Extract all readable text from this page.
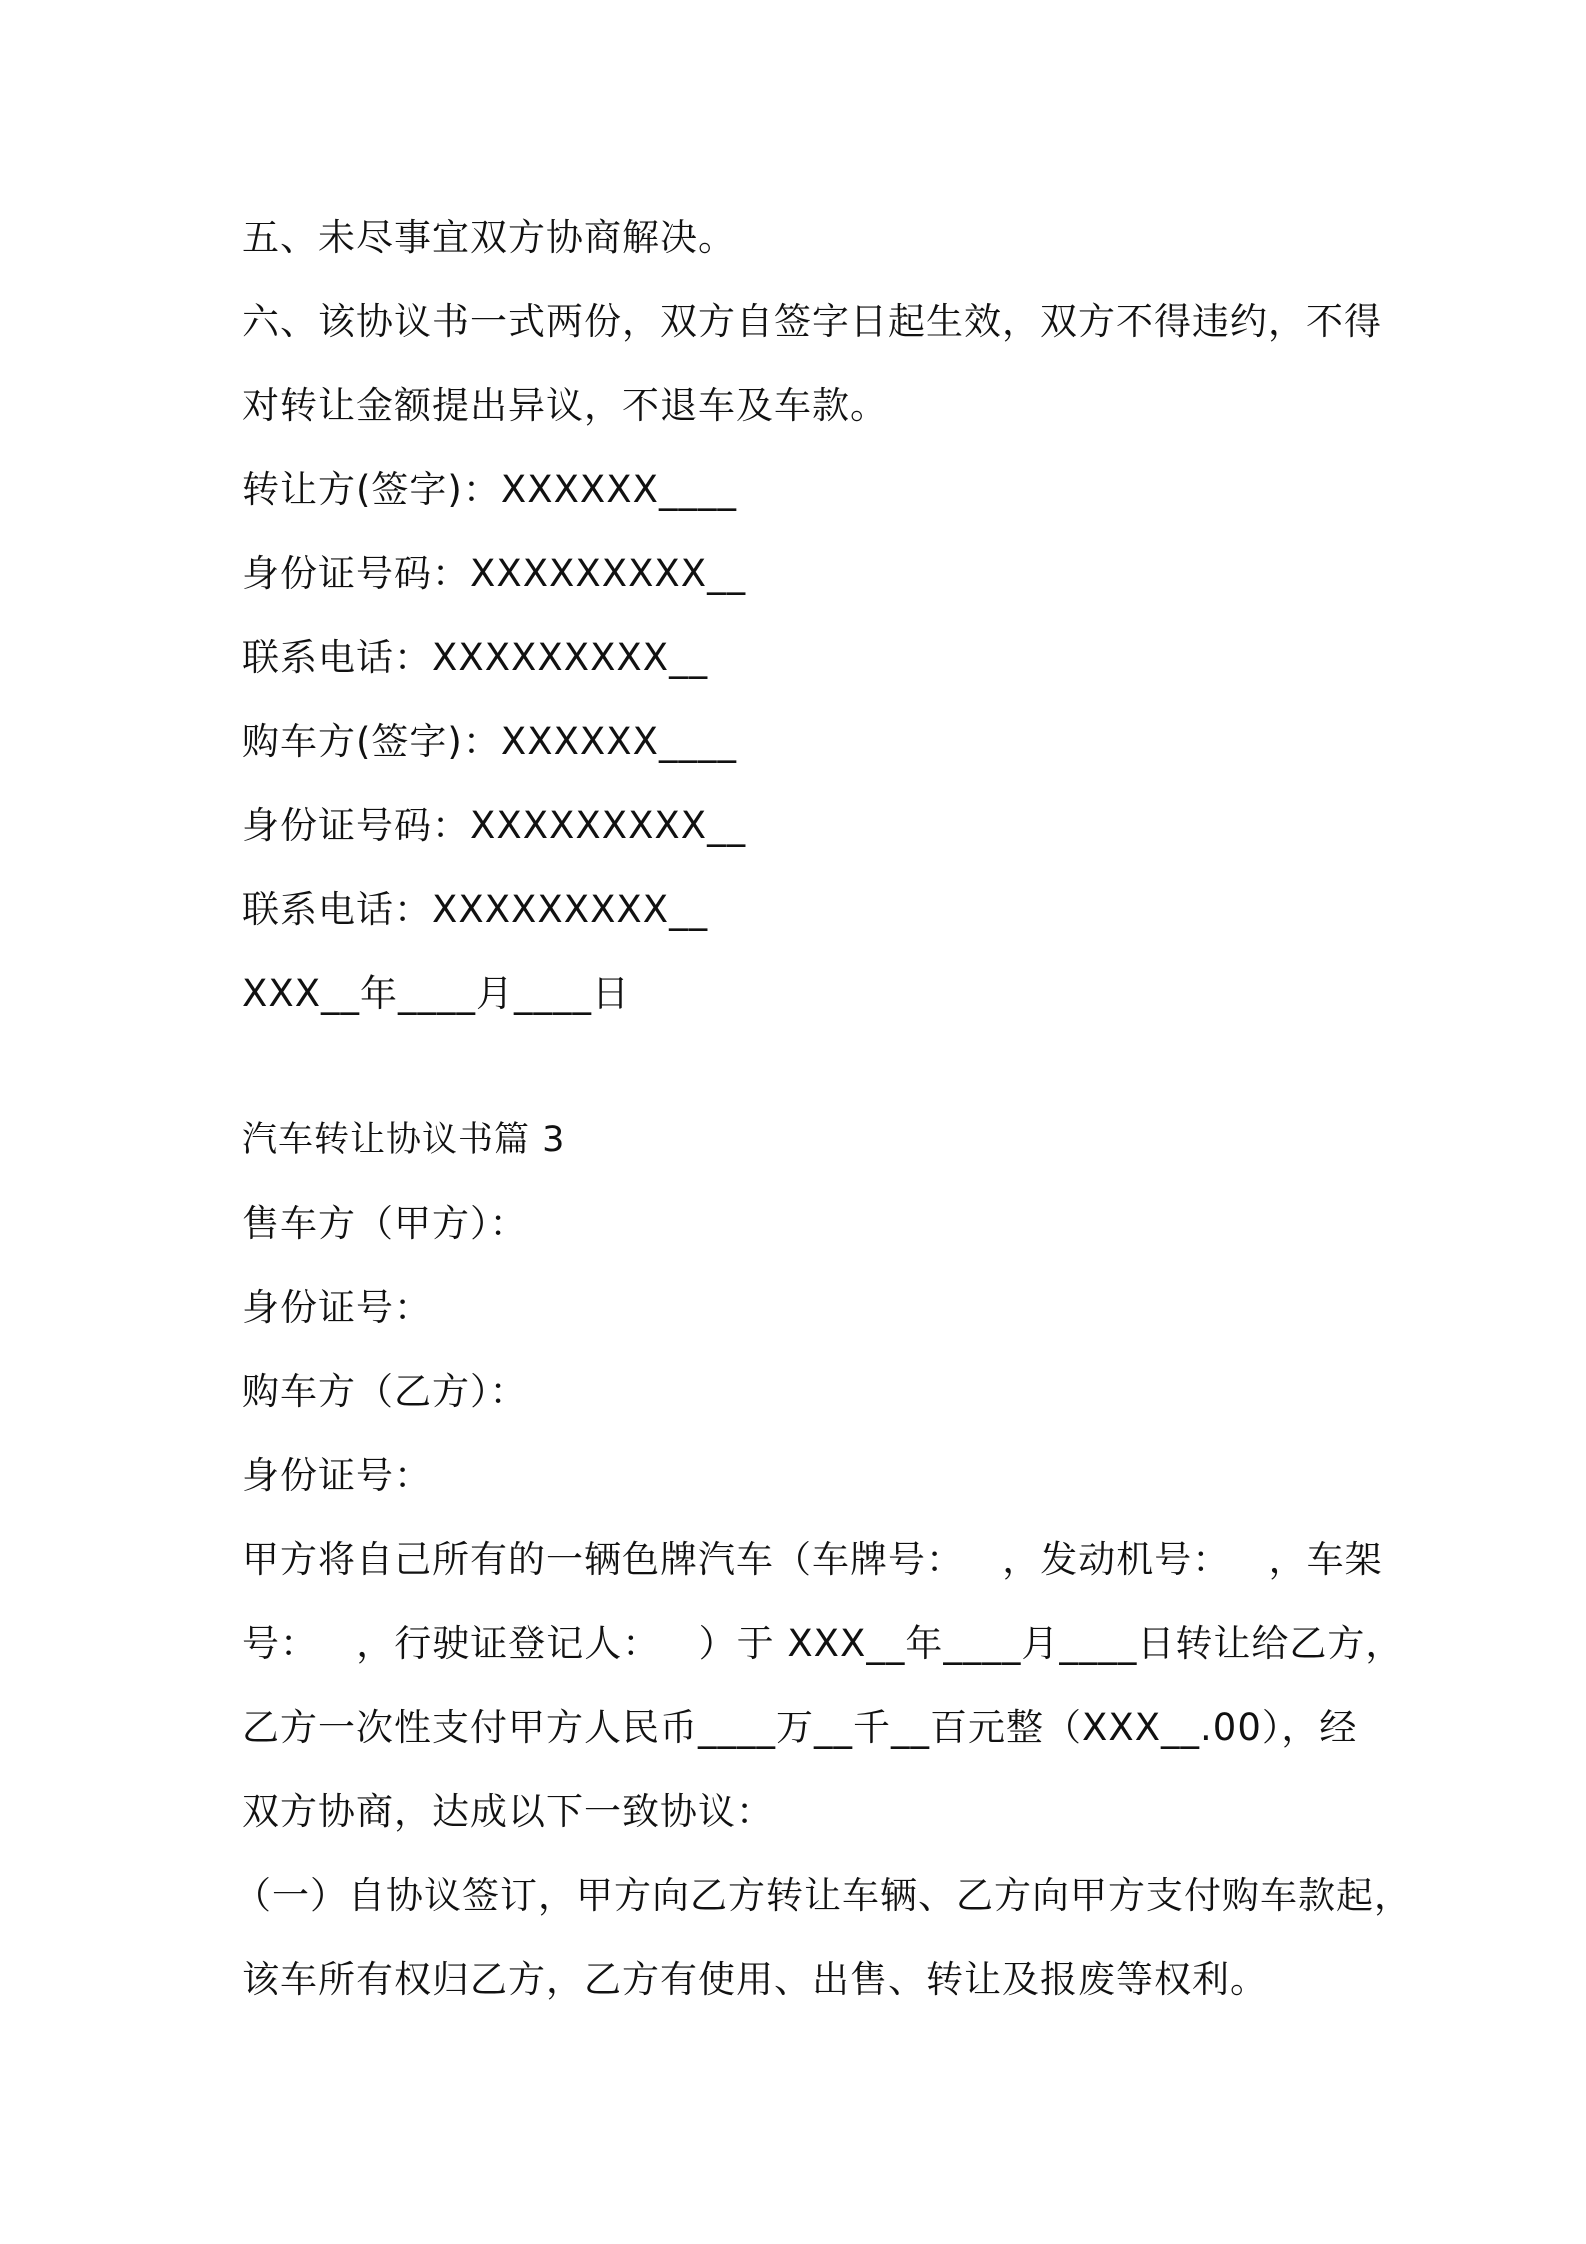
五、未尽事宜双方协商解决。
六、该协议书一式两份，双方自签字日起生效，双方不得违约，不得
对转让金额提出异议，不退车及车款。
转让方(签字)：XXXXXX____
身份证号码：XXXXXXXXX__
联系电话：XXXXXXXXX__
购车方(签字)：XXXXXX____
身份证号码：XXXXXXXXX__
联系电话：XXXXXXXXX__
XXX__年____月____日
汽车转让协议书篇 3
售车方（甲方）：
身份证号：
购车方（乙方）：
身份证号：
甲方将自己所有的一辆色牌汽车（车牌号：   ，发动机号：   ，车架
号：   ，行驶证登记人：   ）于 XXX__年____月____日转让给乙方，
乙方一次性支付甲方人民币____万__千__百元整（XXX__.00），经
双方协商，达成以下一致协议：
（一）自协议签订，甲方向乙方转让车辆、乙方向甲方支付购车款起，
该车所有权归乙方，乙方有使用、出售、转让及报废等权利。
